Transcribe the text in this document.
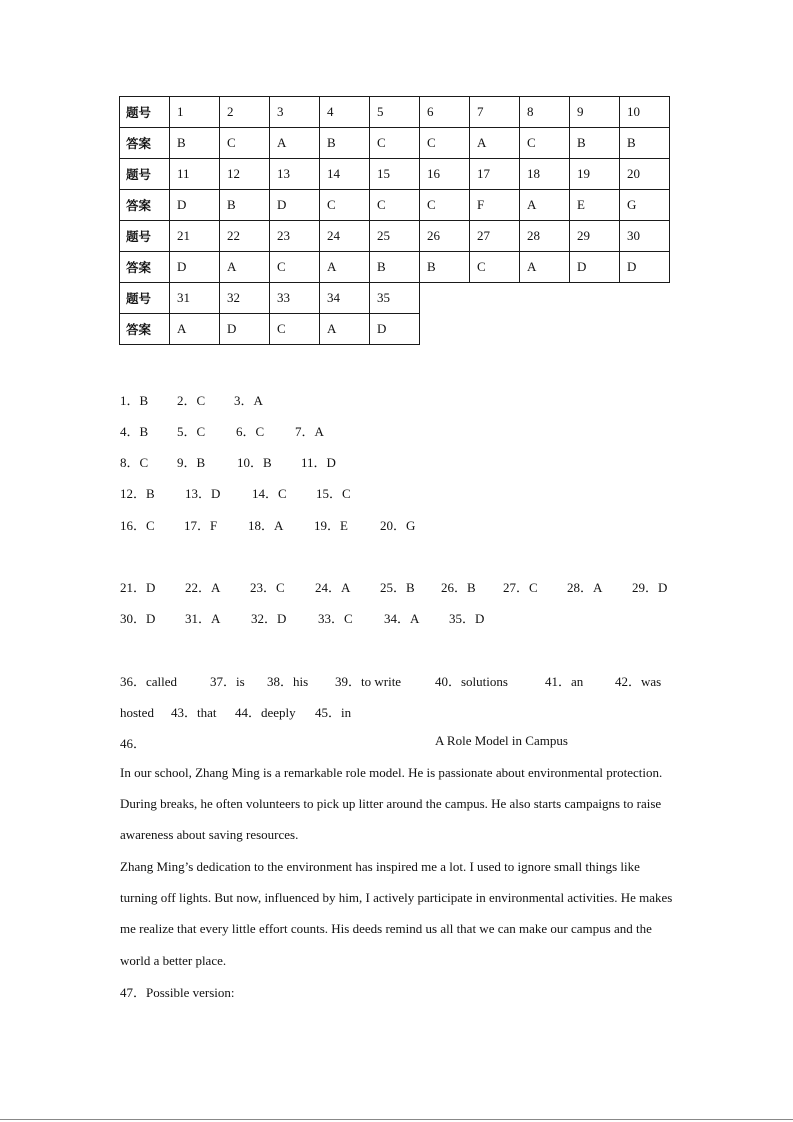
题号	1	2	3	4	5	6	7	8	9	10
答案	B	C	A	B	C	C	A	C	B	B
题号	11	12	13	14	15	16	17	18	19	20
答案	D	B	D	C	C	C	F	A	E	G
题号	21	22	23	24	25	26	27	28	29	30
答案	D	A	C	A	B	B	C	A	D	D
题号	31	32	33	34	35					
答案	A	D	C	A	D					
1．B 2．C 3．A
4．B 5．C 6．C 7．A
8．C 9．B 10．B 11．D
12．B 13．D 14．C 15．C
16．C 17．F 18．A 19．E 20．G
21．D 22．A 23．C 24．A 25．B 26．B 27．C 28．A 29．D
30．D 31．A 32．D 33．C 34．A 35．D
36．called	37．is 38．his 39．to write	40．solutions	41．an 42．was
hosted 43．that 44．deeply 45．in
46．	A Role Model in Campus
In our school, Zhang Ming is a remarkable role model. He is passionate about environmental protection. During breaks, he often volunteers to pick up litter around the campus. He also starts campaigns to raise awareness about saving resources.
Zhang Ming’s dedication to the environment has inspired me a lot. I used to ignore small things like turning off lights. But now, influenced by him, I actively participate in environmental activities. He makes me realize that every little effort counts. His deeds remind us all that we can make our campus and the world a better place.
47．Possible version:
